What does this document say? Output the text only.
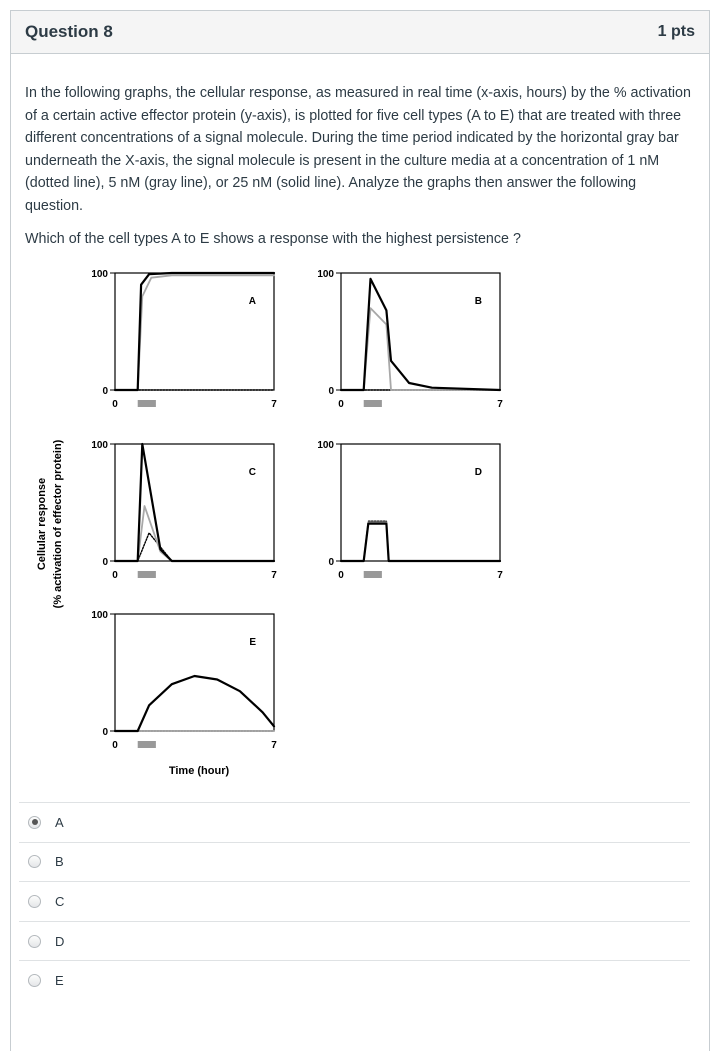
Question 8	1 pts

In the following graphs, the cellular response, as measured in real time (x-axis, hours) by the % activation of a certain active effector protein (y-axis), is plotted for five cell types (A to E) that are treated with three different concentrations of a signal molecule. During the time period indicated by the horizontal gray bar underneath the X-axis, the signal molecule is present in the culture media at a concentration of 1 nM (dotted line), 5 nM (gray line), or 25 nM (solid line). Analyze the graphs then answer the following question.

Which of the cell types A to E shows a response with the highest persistence ?

Cellular response (% activation of effector protein)
Time (hour)
100
0
0	7
A
100
0
0	7
B
100
0
0	7
C
100
0
0	7
D
100
0
0	7
E
A
B
C
D
E
